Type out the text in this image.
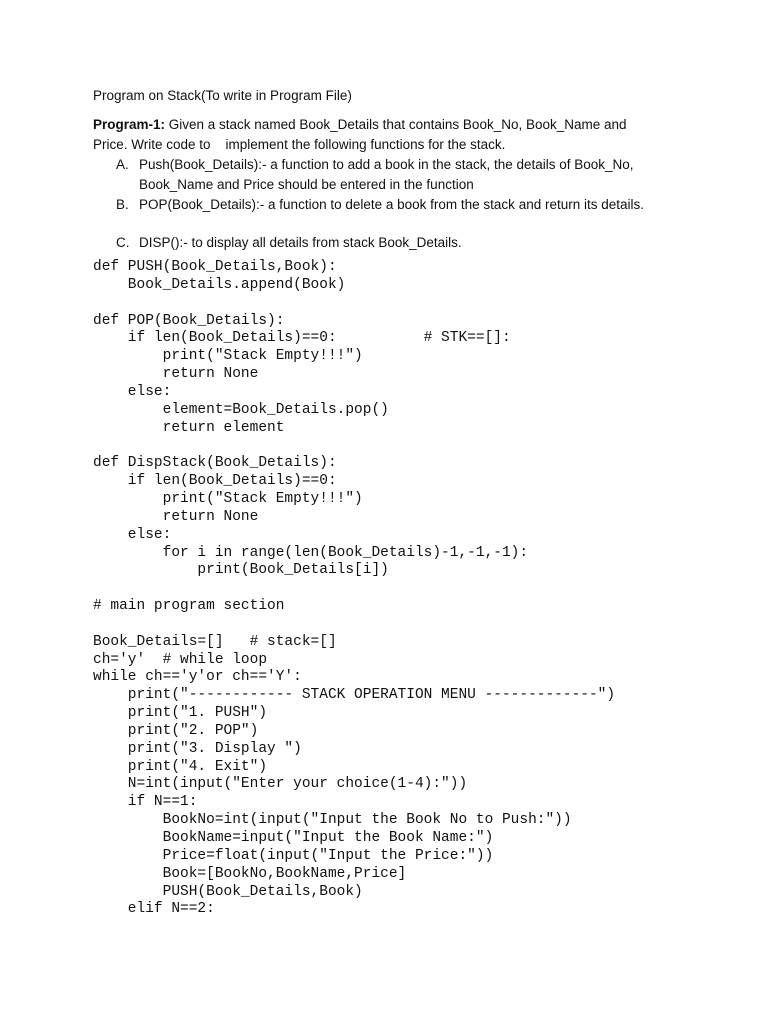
Program on Stack(To write in Program File)
Program-1: Given a stack named Book_Details that contains Book_No, Book_Name and
Price. Write code to    implement the following functions for the stack.
A. Push(Book_Details):- a function to add a book in the stack, the details of Book_No,
Book_Name and Price should be entered in the function
B. POP(Book_Details):- a function to delete a book from the stack and return its details.
C. DISP():- to display all details from stack Book_Details.
def PUSH(Book_Details,Book):
Book_Details.append(Book)
def POP(Book_Details):
if len(Book_Details)==0:          # STK==[]:
print("Stack Empty!!!")
return None
else:
element=Book_Details.pop()
return element
def DispStack(Book_Details):
if len(Book_Details)==0:
print("Stack Empty!!!")
return None
else:
for i in range(len(Book_Details)-1,-1,-1):
print(Book_Details[i])
# main program section
Book_Details=[]   # stack=[]
ch='y'  # while loop
while ch=='y'or ch=='Y':
print("------------ STACK OPERATION MENU -------------")
print("1. PUSH")
print("2. POP")
print("3. Display ")
print("4. Exit")
N=int(input("Enter your choice(1-4):"))
if N==1:
BookNo=int(input("Input the Book No to Push:"))
BookName=input("Input the Book Name:")
Price=float(input("Input the Price:"))
Book=[BookNo,BookName,Price]
PUSH(Book_Details,Book)
elif N==2:
